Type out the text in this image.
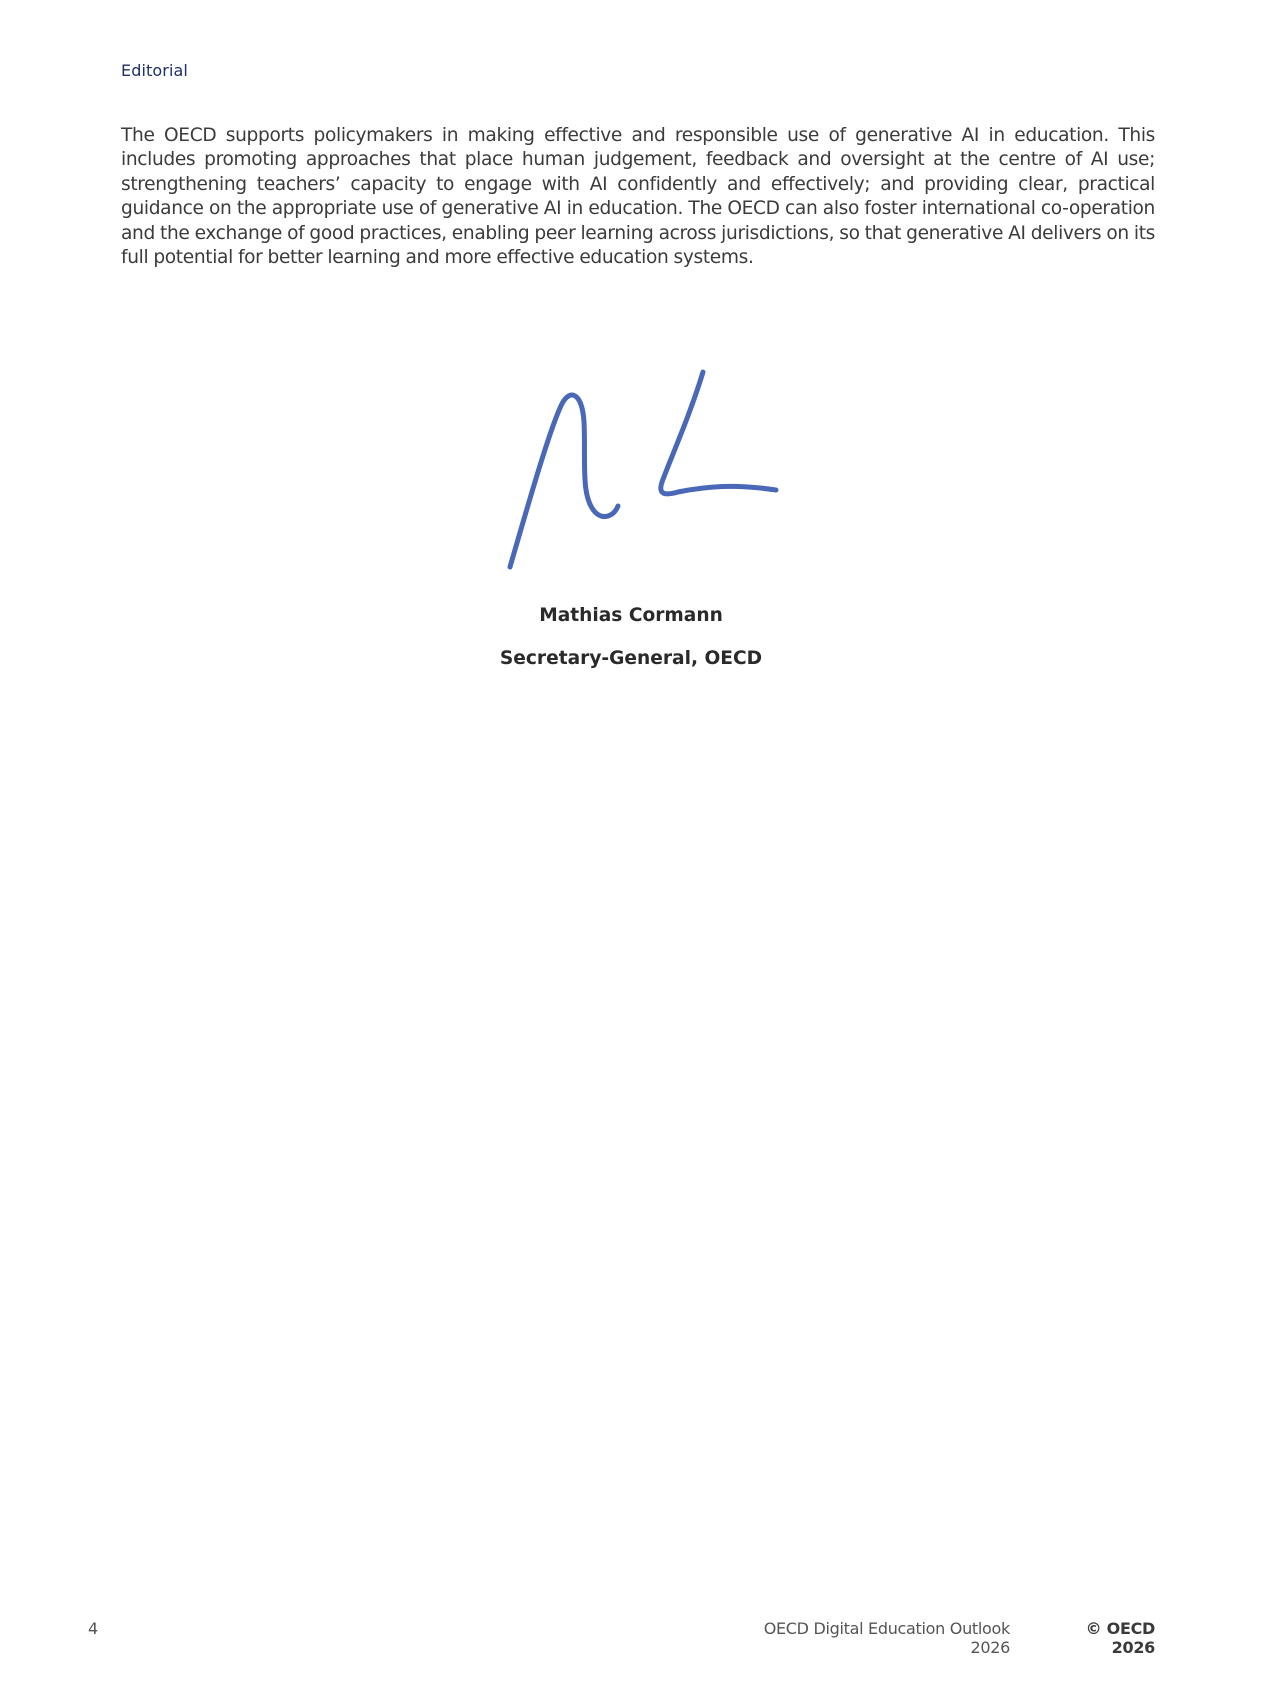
Editorial

The OECD supports policymakers in making effective and responsible use of generative AI in education. This includes promoting approaches that place human judgement, feedback and oversight at the centre of AI use; strengthening teachers’ capacity to engage with AI confidently and effectively; and providing clear, practical guidance on the appropriate use of generative AI in education. The OECD can also foster international co-operation and the exchange of good practices, enabling peer learning across jurisdictions, so that generative AI delivers on its full potential for better learning and more effective education systems.

Mathias Cormann
Secretary-General, OECD
4	OECD Digital Education Outlook 2026
© OECD 2026
